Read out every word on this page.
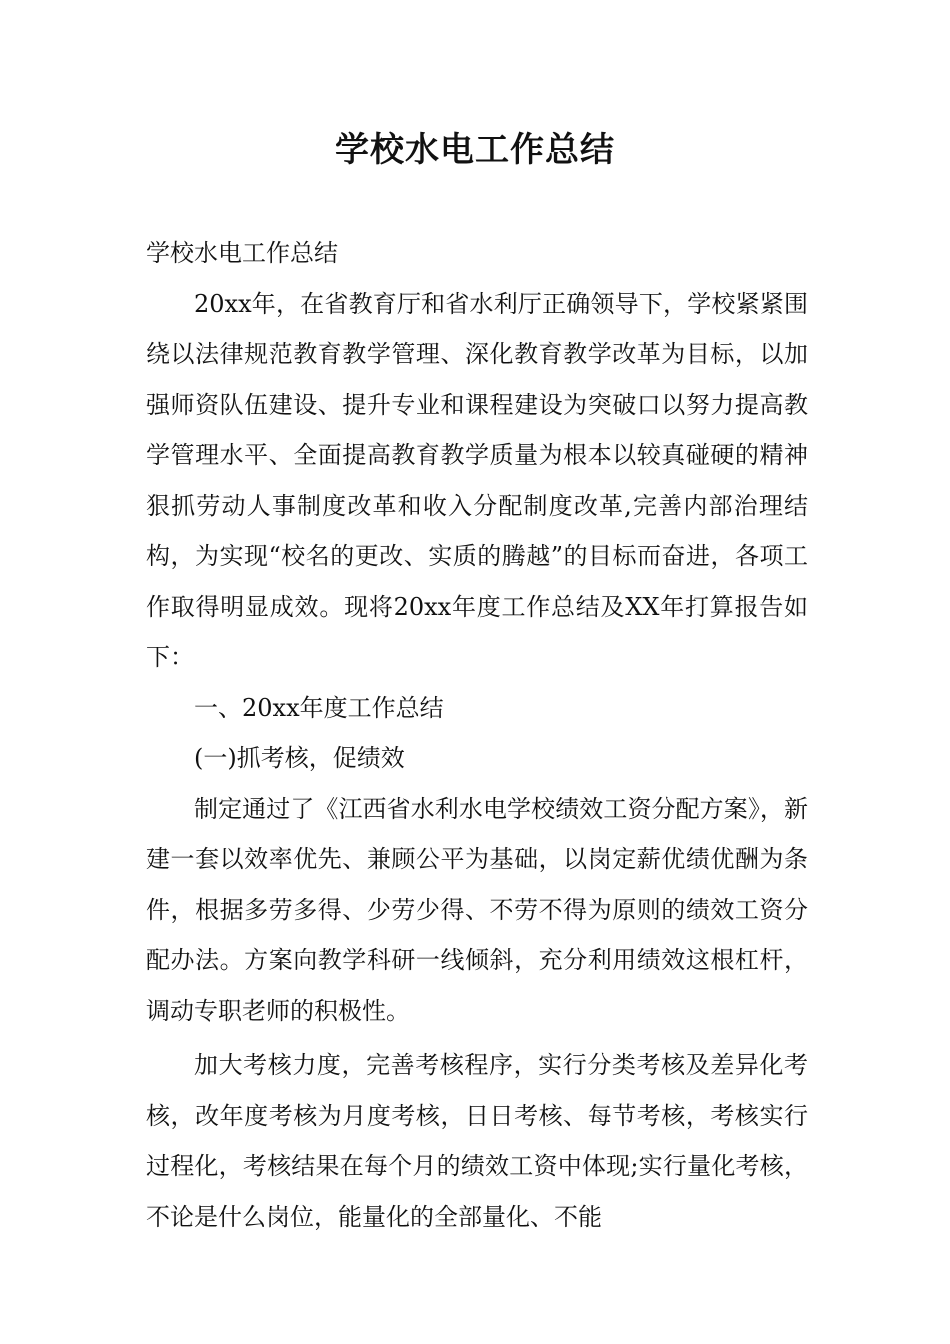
学校水电工作总结

学校水电工作总结

20xx年，在省教育厅和省水利厅正确领导下，学校紧紧围绕以法律规范教育教学管理、深化教育教学改革为目标，以加强师资队伍建设、提升专业和课程建设为突破口以努力提高教学管理水平、全面提高教育教学质量为根本以较真碰硬的精神狠抓劳动人事制度改革和收入分配制度改革,完善内部治理结构，为实现“校名的更改、实质的腾越”的目标而奋进，各项工作取得明显成效。现将20xx年度工作总结及XX年打算报告如下：

一、20xx年度工作总结

(一)抓考核，促绩效

制定通过了《江西省水利水电学校绩效工资分配方案》，新建一套以效率优先、兼顾公平为基础，以岗定薪优绩优酬为条件，根据多劳多得、少劳少得、不劳不得为原则的绩效工资分配办法。方案向教学科研一线倾斜，充分利用绩效这根杠杆，调动专职老师的积极性。

加大考核力度，完善考核程序，实行分类考核及差异化考核，改年度考核为月度考核，日日考核、每节考核，考核实行过程化，考核结果在每个月的绩效工资中体现;实行量化考核，不论是什么岗位，能量化的全部量化、不能
